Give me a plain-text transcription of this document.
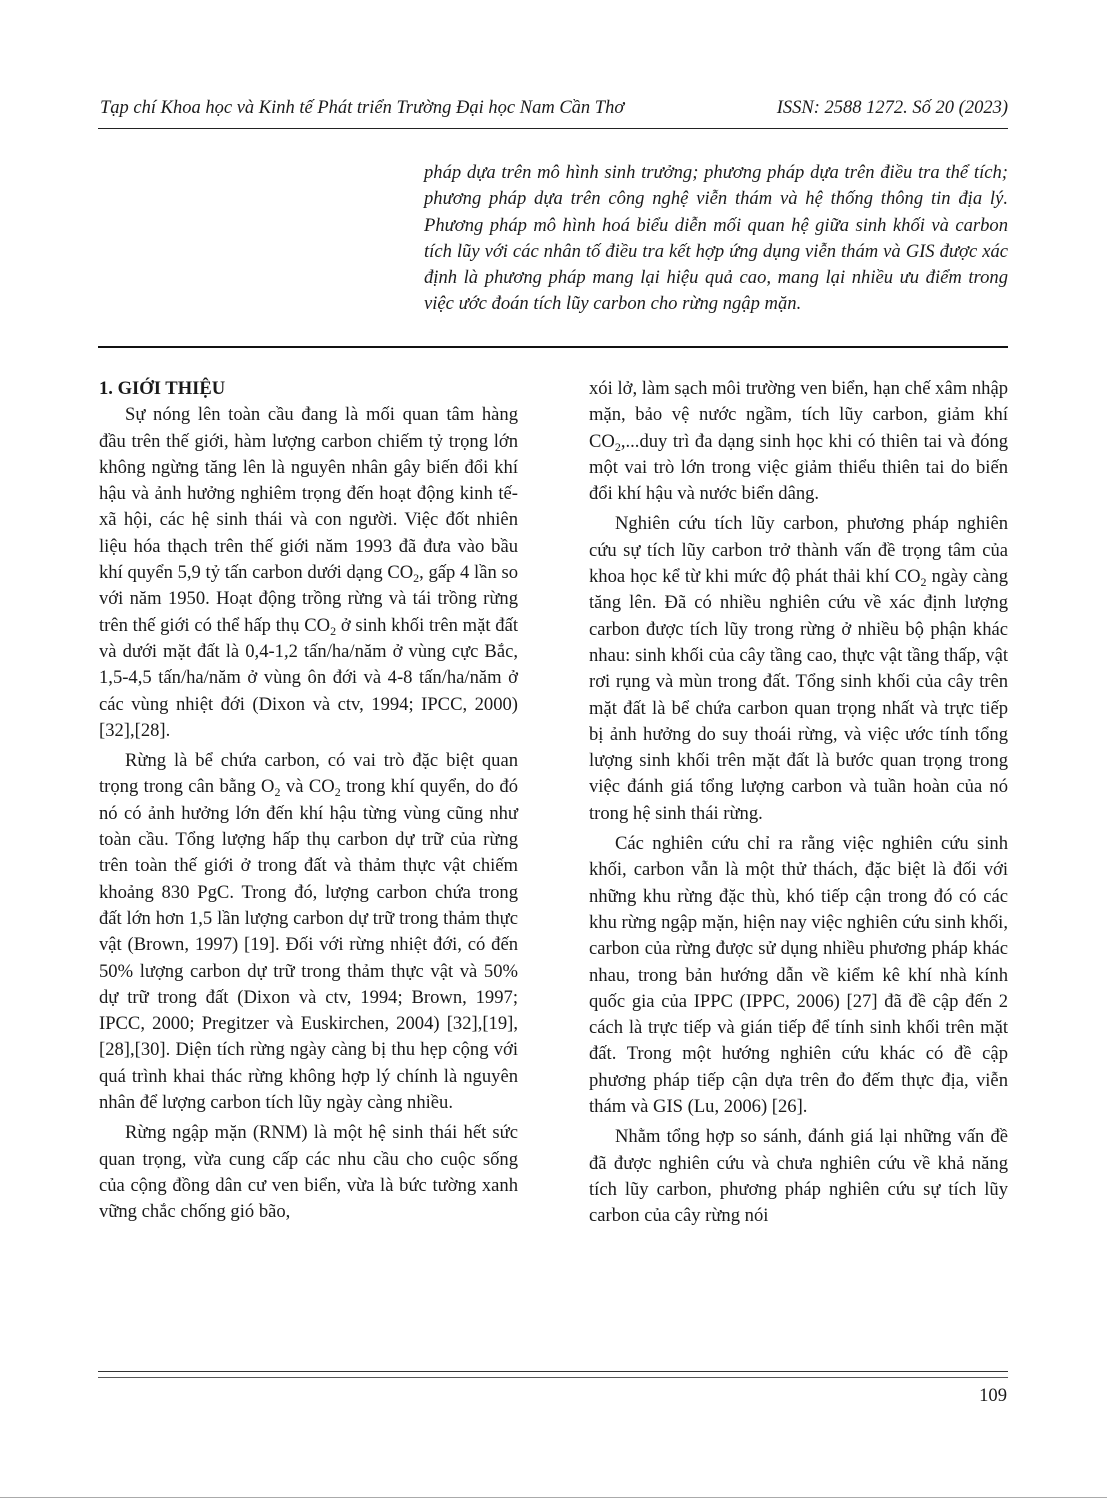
Tạp chí Khoa học và Kinh tế Phát triển Trường Đại học Nam Cần Thơ	ISSN: 2588 1272. Số 20 (2023)
pháp dựa trên mô hình sinh trưởng; phương pháp dựa trên điều tra thể tích; phương pháp dựa trên công nghệ viễn thám và hệ thống thông tin địa lý. Phương pháp mô hình hoá biểu diễn mối quan hệ giữa sinh khối và carbon tích lũy với các nhân tố điều tra kết hợp ứng dụng viễn thám và GIS được xác định là phương pháp mang lại hiệu quả cao, mang lại nhiều ưu điểm trong việc ước đoán tích lũy carbon cho rừng ngập mặn.
1. GIỚI THIỆU

Sự nóng lên toàn cầu đang là mối quan tâm hàng đầu trên thế giới, hàm lượng carbon chiếm tỷ trọng lớn không ngừng tăng lên là nguyên nhân gây biến đổi khí hậu và ảnh hưởng nghiêm trọng đến hoạt động kinh tế-xã hội, các hệ sinh thái và con người. Việc đốt nhiên liệu hóa thạch trên thế giới năm 1993 đã đưa vào bầu khí quyển 5,9 tỷ tấn carbon dưới dạng $CO_2$, gấp 4 lần so với năm 1950. Hoạt động trồng rừng và tái trồng rừng trên thế giới có thể hấp thụ $CO_2$ ở sinh khối trên mặt đất và dưới mặt đất là 0,4-1,2 tấn/ha/năm ở vùng cực Bắc, 1,5-4,5 tấn/ha/năm ở vùng ôn đới và 4-8 tấn/ha/năm ở các vùng nhiệt đới (Dixon và ctv, 1994; IPCC, 2000) [32],[28].

Rừng là bể chứa carbon, có vai trò đặc biệt quan trọng trong cân bằng $O_2$ và $CO_2$ trong khí quyển, do đó nó có ảnh hưởng lớn đến khí hậu từng vùng cũng như toàn cầu. Tổng lượng hấp thụ carbon dự trữ của rừng trên toàn thế giới ở trong đất và thảm thực vật chiếm khoảng 830 PgC. Trong đó, lượng carbon chứa trong đất lớn hơn 1,5 lần lượng carbon dự trữ trong thảm thực vật (Brown, 1997) [19]. Đối với rừng nhiệt đới, có đến 50% lượng carbon dự trữ trong thảm thực vật và 50% dự trữ trong đất (Dixon và ctv, 1994; Brown, 1997; IPCC, 2000; Pregitzer và Euskirchen, 2004) [32],[19],[28],[30]. Diện tích rừng ngày càng bị thu hẹp cộng với quá trình khai thác rừng không hợp lý chính là nguyên nhân để lượng carbon tích lũy ngày càng nhiều.

Rừng ngập mặn (RNM) là một hệ sinh thái hết sức quan trọng, vừa cung cấp các nhu cầu cho cuộc sống của cộng đồng dân cư ven biển, vừa là bức tường xanh vững chắc chống gió bão,

xói lở, làm sạch môi trường ven biển, hạn chế xâm nhập mặn, bảo vệ nước ngầm, tích lũy carbon, giảm khí $CO_2,...duy$ trì đa dạng sinh học khi có thiên tai và đóng một vai trò lớn trong việc giảm thiểu thiên tai do biến đổi khí hậu và nước biển dâng.

Nghiên cứu tích lũy carbon, phương pháp nghiên cứu sự tích lũy carbon trở thành vấn đề trọng tâm của khoa học kể từ khi mức độ phát thải khí $CO_2$ ngày càng tăng lên. Đã có nhiều nghiên cứu về xác định lượng carbon được tích lũy trong rừng ở nhiều bộ phận khác nhau: sinh khối của cây tầng cao, thực vật tầng thấp, vật rơi rụng và mùn trong đất. Tổng sinh khối của cây trên mặt đất là bể chứa carbon quan trọng nhất và trực tiếp bị ảnh hưởng do suy thoái rừng, và việc ước tính tổng lượng sinh khối trên mặt đất là bước quan trọng trong việc đánh giá tổng lượng carbon và tuần hoàn của nó trong hệ sinh thái rừng.

Các nghiên cứu chỉ ra rằng việc nghiên cứu sinh khối, carbon vẫn là một thử thách, đặc biệt là đối với những khu rừng đặc thù, khó tiếp cận trong đó có các khu rừng ngập mặn, hiện nay việc nghiên cứu sinh khối, carbon của rừng được sử dụng nhiều phương pháp khác nhau, trong bản hướng dẫn về kiểm kê khí nhà kính quốc gia của IPPC (IPPC, 2006) [27] đã đề cập đến 2 cách là trực tiếp và gián tiếp để tính sinh khối trên mặt đất. Trong một hướng nghiên cứu khác có đề cập phương pháp tiếp cận dựa trên đo đếm thực địa, viễn thám và GIS (Lu, 2006) [26].

Nhằm tổng hợp so sánh, đánh giá lại những vấn đề đã được nghiên cứu và chưa nghiên cứu về khả năng tích lũy carbon, phương pháp nghiên cứu sự tích lũy carbon của cây rừng nói

109
